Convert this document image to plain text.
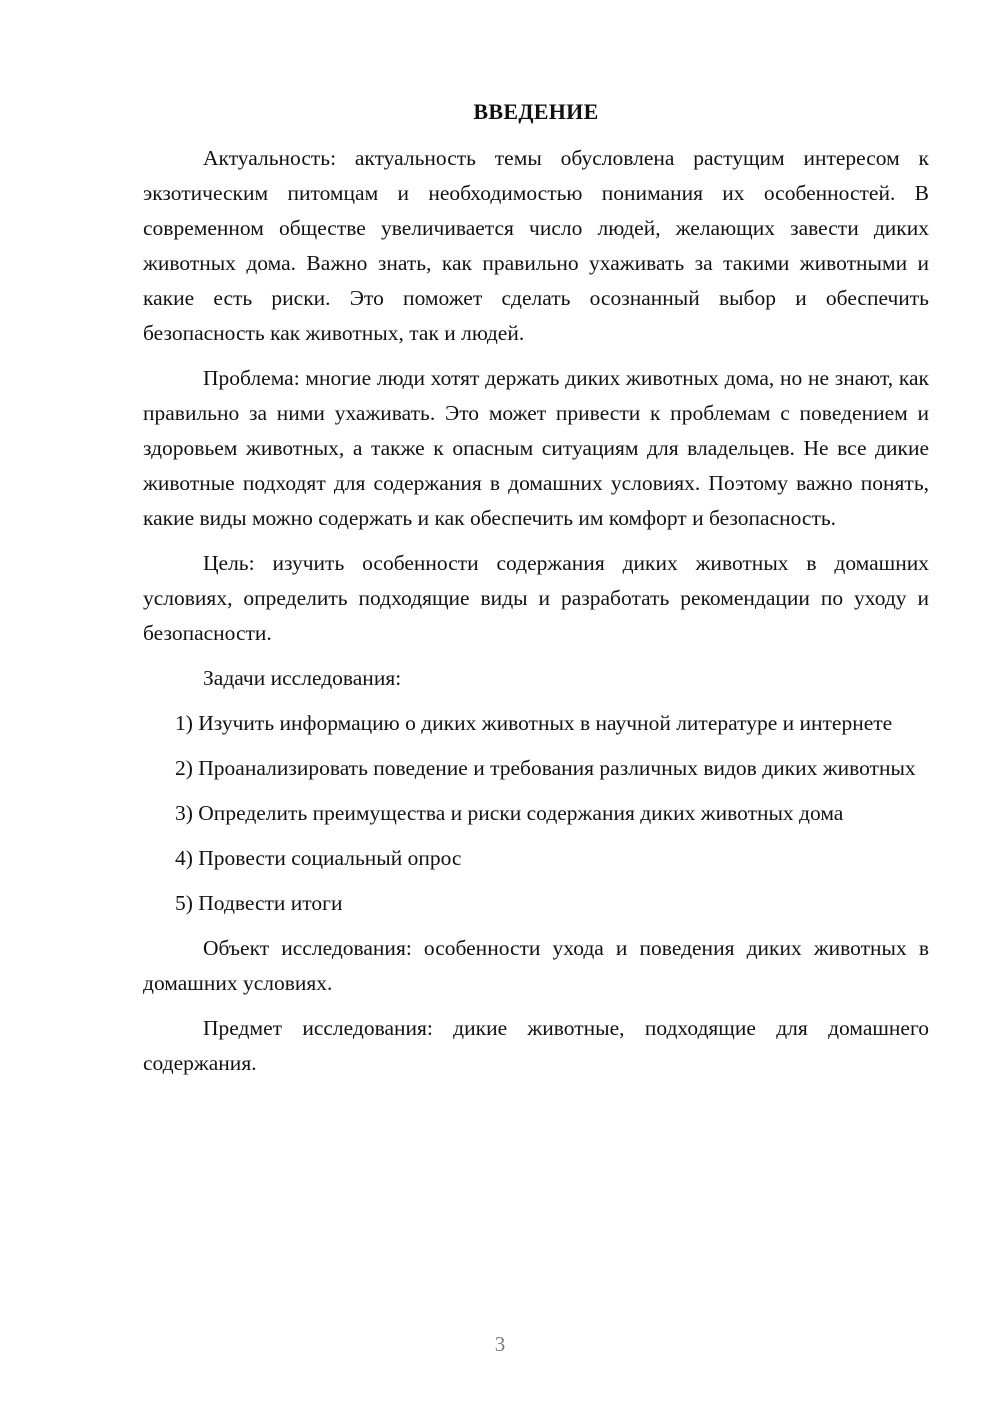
ВВЕДЕНИЕ

Актуальность: актуальность темы обусловлена растущим интересом к экзотическим питомцам и необходимостью понимания их особенностей. В современном обществе увеличивается число людей, желающих завести диких животных дома. Важно знать, как правильно ухаживать за такими животными и какие есть риски. Это поможет сделать осознанный выбор и обеспечить безопасность как животных, так и людей.

Проблема: многие люди хотят держать диких животных дома, но не знают, как правильно за ними ухаживать. Это может привести к проблемам с поведением и здоровьем животных, а также к опасным ситуациям для владельцев. Не все дикие животные подходят для содержания в домашних условиях. Поэтому важно понять, какие виды можно содержать и как обеспечить им комфорт и безопасность.

Цель: изучить особенности содержания диких животных в домашних условиях, определить подходящие виды и разработать рекомендации по уходу и безопасности.

Задачи исследования:

1) Изучить информацию о диких животных в научной литературе и интернете

2) Проанализировать поведение и требования различных видов диких животных

3) Определить преимущества и риски содержания диких животных дома

4) Провести социальный опрос

5) Подвести итоги

Объект исследования: особенности ухода и поведения диких животных в домашних условиях.

Предмет исследования: дикие животные, подходящие для домашнего содержания.

3
